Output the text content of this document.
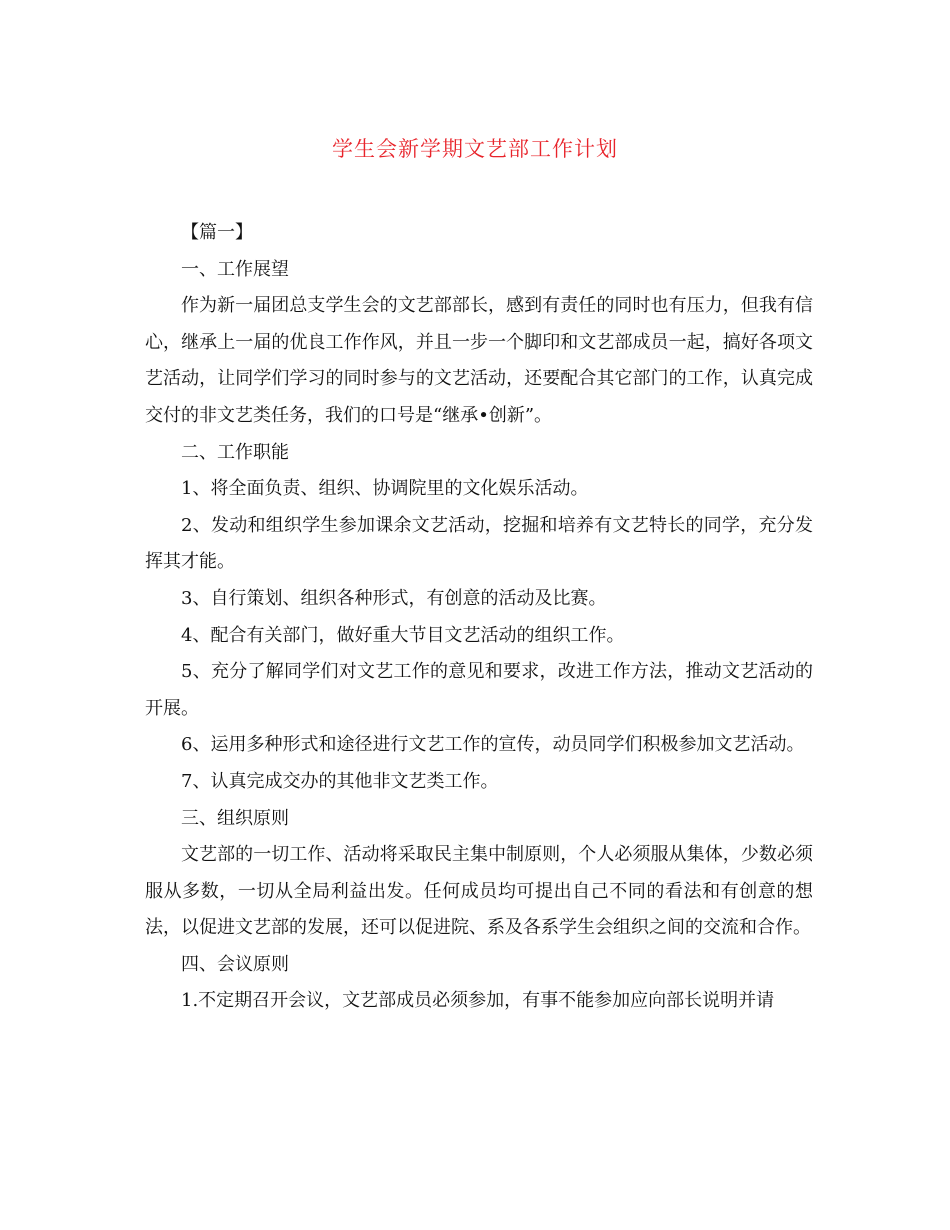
学生会新学期文艺部工作计划

【篇一】

一、工作展望

作为新一届团总支学生会的文艺部部长，感到有责任的同时也有压力，但我有信心，继承上一届的优良工作作风，并且一步一个脚印和文艺部成员一起，搞好各项文艺活动，让同学们学习的同时参与的文艺活动，还要配合其它部门的工作，认真完成交付的非文艺类任务，我们的口号是“继承•创新”。

二、工作职能

1、将全面负责、组织、协调院里的文化娱乐活动。

2、发动和组织学生参加课余文艺活动，挖掘和培养有文艺特长的同学，充分发挥其才能。

3、自行策划、组织各种形式，有创意的活动及比赛。

4、配合有关部门，做好重大节目文艺活动的组织工作。

5、充分了解同学们对文艺工作的意见和要求，改进工作方法，推动文艺活动的开展。

6、运用多种形式和途径进行文艺工作的宣传，动员同学们积极参加文艺活动。

7、认真完成交办的其他非文艺类工作。

三、组织原则

文艺部的一切工作、活动将采取民主集中制原则，个人必须服从集体，少数必须服从多数，一切从全局利益出发。任何成员均可提出自己不同的看法和有创意的想法，以促进文艺部的发展，还可以促进院、系及各系学生会组织之间的交流和合作。

四、会议原则

1.不定期召开会议，文艺部成员必须参加，有事不能参加应向部长说明并请
